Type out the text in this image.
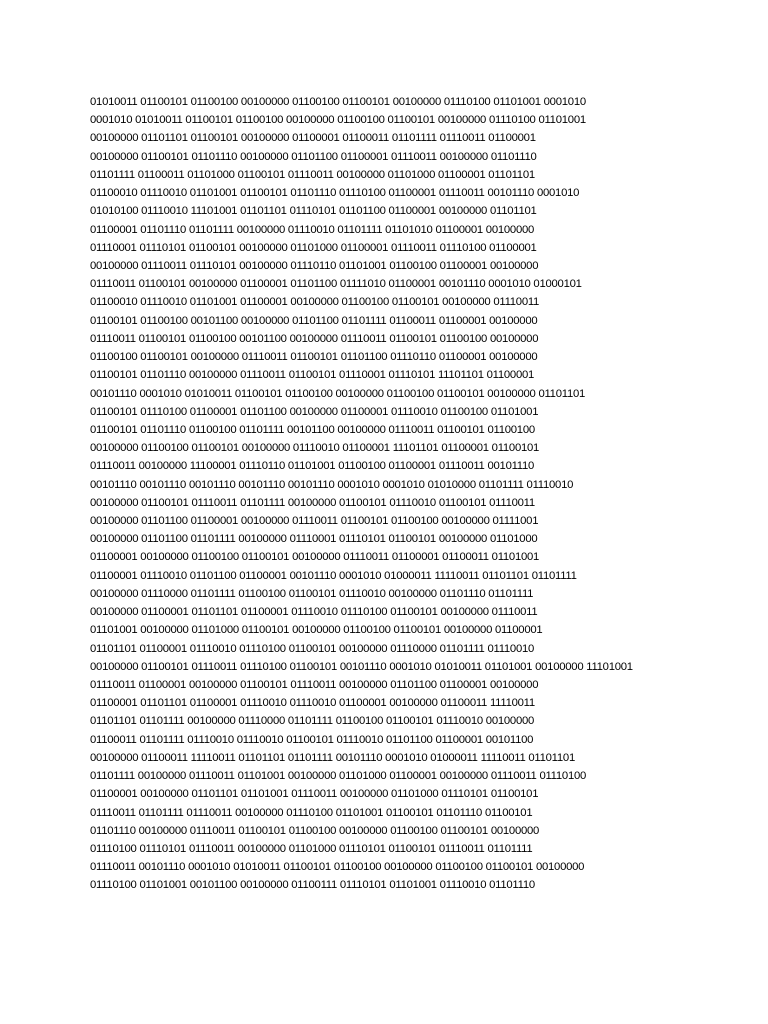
01010011 01100101 01100100 00100000 01100100 01100101 00100000 01110100 01101001 0001010
0001010 01010011 01100101 01100100 00100000 01100100 01100101 00100000 01110100 01101001
00100000 01101101 01100101 00100000 01100001 01100011 01101111 01110011 01100001
00100000 01100101 01101110 00100000 01101100 01100001 01110011 00100000 01101110
01101111 01100011 01101000 01100101 01110011 00100000 01101000 01100001 01101101
01100010 01110010 01101001 01100101 01101110 01110100 01100001 01110011 00101110 0001010
01010100 01110010 11101001 01101101 01110101 01101100 01100001 00100000 01101101
01100001 01101110 01101111 00100000 01110010 01101111 01101010 01100001 00100000
01110001 01110101 01100101 00100000 01101000 01100001 01110011 01110100 01100001
00100000 01110011 01110101 00100000 01110110 01101001 01100100 01100001 00100000
01110011 01100101 00100000 01100001 01101100 01111010 01100001 00101110 0001010 01000101
01100010 01110010 01101001 01100001 00100000 01100100 01100101 00100000 01110011
01100101 01100100 00101100 00100000 01101100 01101111 01100011 01100001 00100000
01110011 01100101 01100100 00101100 00100000 01110011 01100101 01100100 00100000
01100100 01100101 00100000 01110011 01100101 01101100 01110110 01100001 00100000
01100101 01101110 00100000 01110011 01100101 01110001 01110101 11101101 01100001
00101110 0001010 01010011 01100101 01100100 00100000 01100100 01100101 00100000 01101101
01100101 01110100 01100001 01101100 00100000 01100001 01110010 01100100 01101001
01100101 01101110 01100100 01101111 00101100 00100000 01110011 01100101 01100100
00100000 01100100 01100101 00100000 01110010 01100001 11101101 01100001 01100101
01110011 00100000 11100001 01110110 01101001 01100100 01100001 01110011 00101110
00101110 00101110 00101110 00101110 00101110 0001010 0001010 01010000 01101111 01110010
00100000 01100101 01110011 01101111 00100000 01100101 01110010 01100101 01110011
00100000 01101100 01100001 00100000 01110011 01100101 01100100 00100000 01111001
00100000 01101100 01101111 00100000 01110001 01110101 01100101 00100000 01101000
01100001 00100000 01100100 01100101 00100000 01110011 01100001 01100011 01101001
01100001 01110010 01101100 01100001 00101110 0001010 01000011 11110011 01101101 01101111
00100000 01110000 01101111 01100100 01100101 01110010 00100000 01101110 01101111
00100000 01100001 01101101 01100001 01110010 01110100 01100101 00100000 01110011
01101001 00100000 01101000 01100101 00100000 01100100 01100101 00100000 01100001
01101101 01100001 01110010 01110100 01100101 00100000 01110000 01101111 01110010
00100000 01100101 01110011 01110100 01100101 00101110 0001010 01010011 01101001 00100000 11101001
01110011 01100001 00100000 01100101 01110011 00100000 01101100 01100001 00100000
01100001 01101101 01100001 01110010 01110010 01100001 00100000 01100011 11110011
01101101 01101111 00100000 01110000 01101111 01100100 01100101 01110010 00100000
01100011 01101111 01110010 01110010 01100101 01110010 01101100 01100001 00101100
00100000 01100011 11110011 01101101 01101111 00101110 0001010 01000011 11110011 01101101
01101111 00100000 01110011 01101001 00100000 01101000 01100001 00100000 01110011 01110100
01100001 00100000 01101101 01101001 01110011 00100000 01101000 01110101 01100101
01110011 01101111 01110011 00100000 01110100 01101001 01100101 01101110 01100101
01101110 00100000 01110011 01100101 01100100 00100000 01100100 01100101 00100000
01110100 01110101 01110011 00100000 01101000 01110101 01100101 01110011 01101111
01110011 00101110 0001010 01010011 01100101 01100100 00100000 01100100 01100101 00100000
01110100 01101001 00101100 00100000 01100111 01110101 01101001 01110010 01101110
